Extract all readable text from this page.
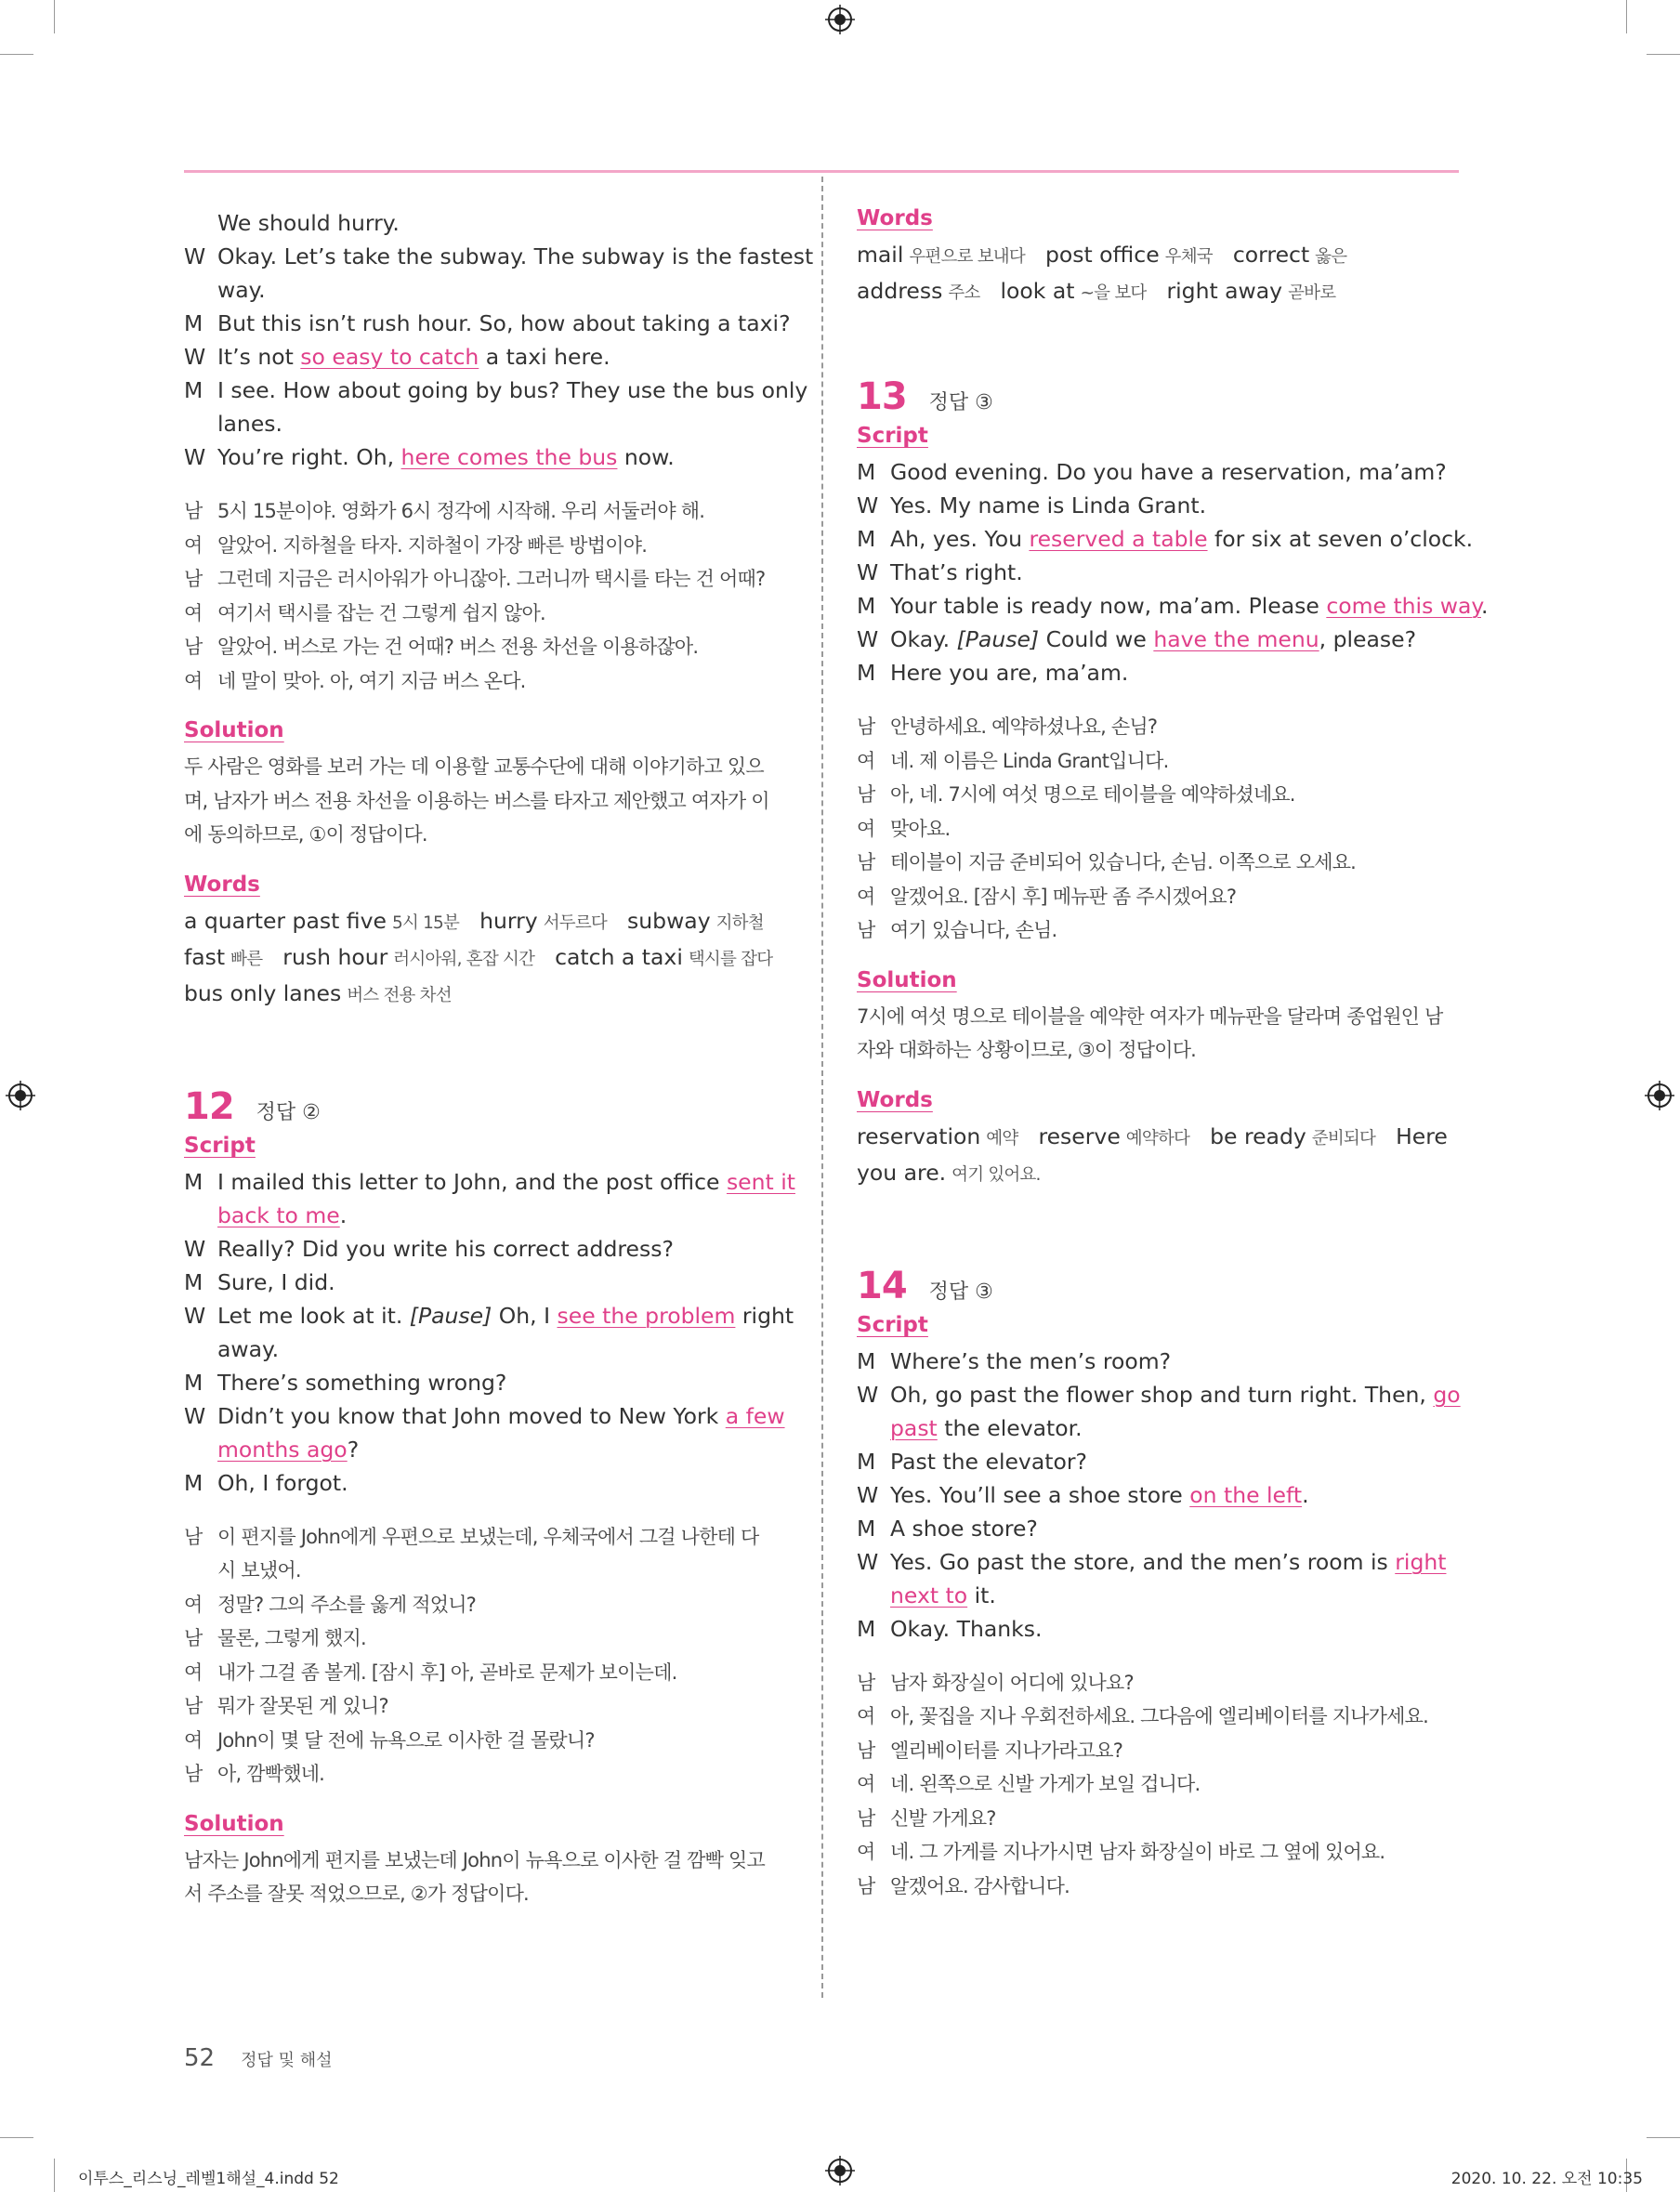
We should hurry.
W Okay. Let’s take the subway. The subway is the fastest
way.
M But this isn’t rush hour. So, how about taking a taxi?
W It’s not so easy to catch a taxi here.
M I see. How about going by bus? They use the bus only
lanes.
W You’re right. Oh, here comes the bus now.
남 5시 15분이야. 영화가 6시 정각에 시작해. 우리 서둘러야 해.
여 알았어. 지하철을 타자. 지하철이 가장 빠른 방법이야.
남 그런데 지금은 러시아워가 아니잖아. 그러니까 택시를 타는 건 어때?
여 여기서 택시를 잡는 건 그렇게 쉽지 않아.
남 알았어. 버스로 가는 건 어때? 버스 전용 차선을 이용하잖아.
여 네 말이 맞아. 아, 여기 지금 버스 온다.
Solution
두 사람은 영화를 보러 가는 데 이용할 교통수단에 대해 이야기하고 있으
며, 남자가 버스 전용 차선을 이용하는 버스를 타자고 제안했고 여자가 이
에 동의하므로, ①이 정답이다.
Words
a quarter past five 5시 15분 hurry 서두르다 subway 지하철
fast 빠른 rush hour 러시아워, 혼잡 시간 catch a taxi 택시를 잡다
bus only lanes 버스 전용 차선
12 정답 ②
Script
M I mailed this letter to John, and the post office sent it
back to me.
W Really? Did you write his correct address?
M Sure, I did.
W Let me look at it. [Pause] Oh, I see the problem right
away.
M There’s something wrong?
W Didn’t you know that John moved to New York a few
months ago?
M Oh, I forgot.
남 이 편지를 John에게 우편으로 보냈는데, 우체국에서 그걸 나한테 다
시 보냈어.
여 정말? 그의 주소를 옳게 적었니?
남 물론, 그렇게 했지.
여 내가 그걸 좀 볼게. [잠시 후] 아, 곧바로 문제가 보이는데.
남 뭐가 잘못된 게 있니?
여 John이 몇 달 전에 뉴욕으로 이사한 걸 몰랐니?
남 아, 깜빡했네.
Solution
남자는 John에게 편지를 보냈는데 John이 뉴욕으로 이사한 걸 깜빡 잊고
서 주소를 잘못 적었으므로, ②가 정답이다.
Words
mail 우편으로 보내다 post office 우체국 correct 옳은
address 주소 look at ~을 보다 right away 곧바로
13 정답 ③
Script
M Good evening. Do you have a reservation, ma’am?
W Yes. My name is Linda Grant.
M Ah, yes. You reserved a table for six at seven o’clock.
W That’s right.
M Your table is ready now, ma’am. Please come this way.
W Okay. [Pause] Could we have the menu, please?
M Here you are, ma’am.
남 안녕하세요. 예약하셨나요, 손님?
여 네. 제 이름은 Linda Grant입니다.
남 아, 네. 7시에 여섯 명으로 테이블을 예약하셨네요.
여 맞아요.
남 테이블이 지금 준비되어 있습니다, 손님. 이쪽으로 오세요.
여 알겠어요. [잠시 후] 메뉴판 좀 주시겠어요?
남 여기 있습니다, 손님.
Solution
7시에 여섯 명으로 테이블을 예약한 여자가 메뉴판을 달라며 종업원인 남
자와 대화하는 상황이므로, ③이 정답이다.
Words
reservation 예약 reserve 예약하다 be ready 준비되다 Here
you are. 여기 있어요.
14 정답 ③
Script
M Where’s the men’s room?
W Oh, go past the flower shop and turn right. Then, go
past the elevator.
M Past the elevator?
W Yes. You’ll see a shoe store on the left.
M A shoe store?
W Yes. Go past the store, and the men’s room is right
next to it.
M Okay. Thanks.
남 남자 화장실이 어디에 있나요?
여 아, 꽃집을 지나 우회전하세요. 그다음에 엘리베이터를 지나가세요.
남 엘리베이터를 지나가라고요?
여 네. 왼쪽으로 신발 가게가 보일 겁니다.
남 신발 가게요?
여 네. 그 가게를 지나가시면 남자 화장실이 바로 그 옆에 있어요.
남 알겠어요. 감사합니다.
52 정답 및 해설
이투스_리스닝_레벨1해설_4.indd 52	2020. 10. 22. 오전 10:35
